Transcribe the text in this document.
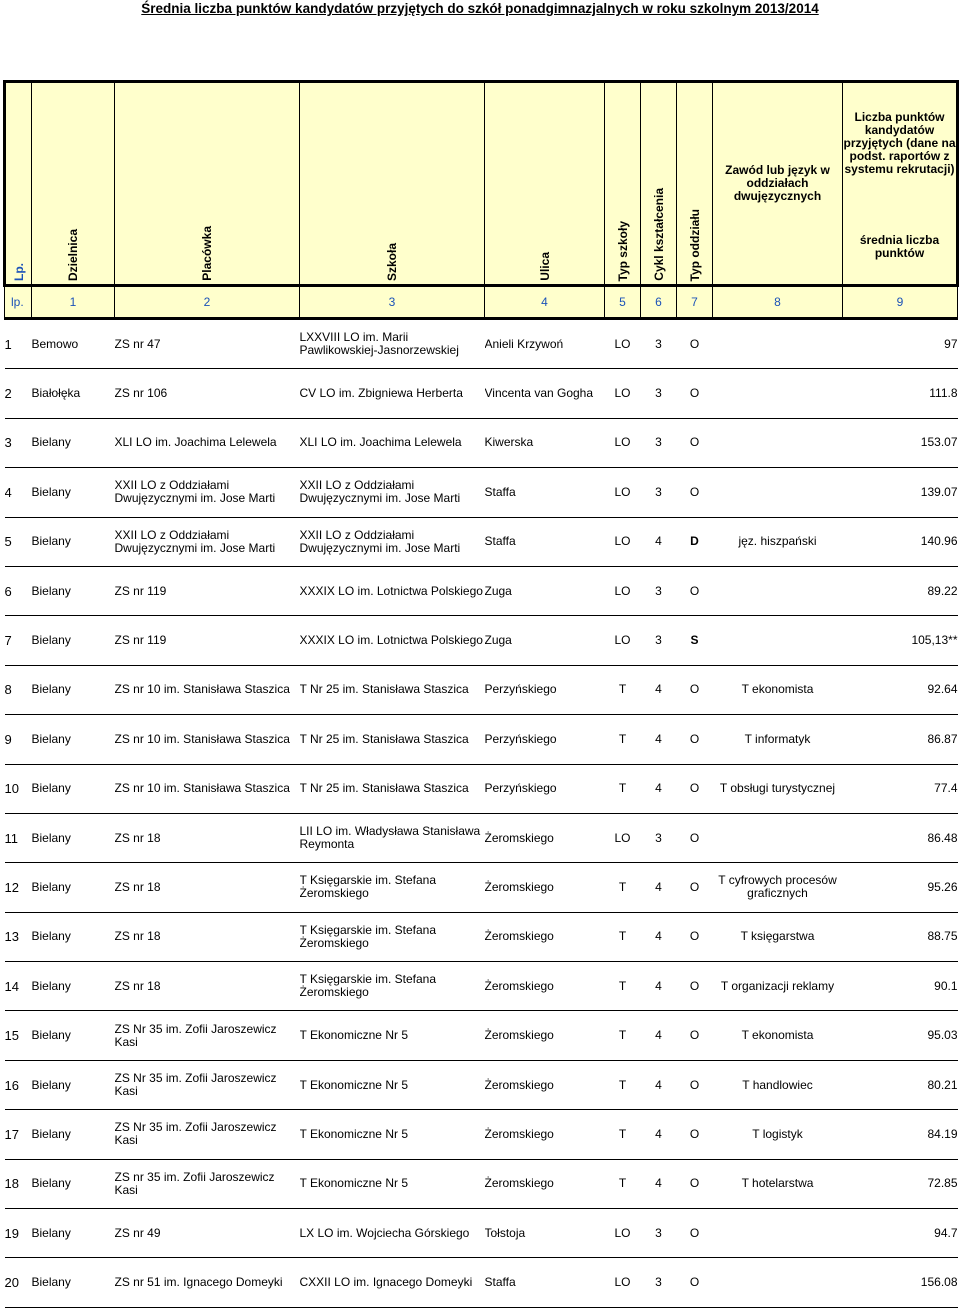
Średnia liczba punktów kandydatów przyjętych do szkół ponadgimnazjalnych w roku szkolnym 2013/2014
Lp.	Dzielnica	Placówka	Szkoła	Ulica	Typ szkoły	Cykl kształcenia	Typ oddziału	Zawód lub język w oddziałach dwujęzycznych	Liczba punktów kandydatów przyjętych (dane na podst. raportów z systemu rekrutacji)
średnia liczba punktów

lp.	1	2	3	4	5	6	7	8	9
1	Bemowo	ZS nr 47	LXXVIII LO im. Marii Pawlikowskiej-Jasnorzewskiej	Anieli Krzywoń	LO	3	O		97
2	Białołęka	ZS nr 106	CV LO im. Zbigniewa Herberta	Vincenta van Gogha	LO	3	O		111.8
3	Bielany	XLI LO im. Joachima Lelewela	XLI LO im. Joachima Lelewela	Kiwerska	LO	3	O		153.07
4	Bielany	XXII LO z Oddziałami Dwujęzycznymi im. Jose Marti	XXII LO z Oddziałami Dwujęzycznymi im. Jose Marti	Staffa	LO	3	O		139.07
5	Bielany	XXII LO z Oddziałami Dwujęzycznymi im. Jose Marti	XXII LO z Oddziałami Dwujęzycznymi im. Jose Marti	Staffa	LO	4	D	jęz. hiszpański	140.96
6	Bielany	ZS nr 119	XXXIX LO im. Lotnictwa Polskiego	Zuga	LO	3	O		89.22
7	Bielany	ZS nr 119	XXXIX LO im. Lotnictwa Polskiego	Zuga	LO	3	S		105,13**
8	Bielany	ZS nr 10 im. Stanisława Staszica	T Nr 25 im. Stanisława Staszica	Perzyńskiego	T	4	O	T ekonomista	92.64
9	Bielany	ZS nr 10 im. Stanisława Staszica	T Nr 25 im. Stanisława Staszica	Perzyńskiego	T	4	O	T informatyk	86.87
10	Bielany	ZS nr 10 im. Stanisława Staszica	T Nr 25 im. Stanisława Staszica	Perzyńskiego	T	4	O	T obsługi turystycznej	77.4
11	Bielany	ZS nr 18	LII LO im. Władysława Stanisława Reymonta	Żeromskiego	LO	3	O		86.48
12	Bielany	ZS nr 18	T Księgarskie im. Stefana Żeromskiego	Żeromskiego	T	4	O	T cyfrowych procesów graficznych	95.26
13	Bielany	ZS nr 18	T Księgarskie im. Stefana Żeromskiego	Żeromskiego	T	4	O	T księgarstwa	88.75
14	Bielany	ZS nr 18	T Księgarskie im. Stefana Żeromskiego	Żeromskiego	T	4	O	T organizacji reklamy	90.1
15	Bielany	ZS Nr 35 im. Zofii Jaroszewicz Kasi	T Ekonomiczne Nr 5	Żeromskiego	T	4	O	T ekonomista	95.03
16	Bielany	ZS Nr 35 im. Zofii Jaroszewicz Kasi	T Ekonomiczne Nr 5	Żeromskiego	T	4	O	T handlowiec	80.21
17	Bielany	ZS Nr 35 im. Zofii Jaroszewicz Kasi	T Ekonomiczne Nr 5	Żeromskiego	T	4	O	T logistyk	84.19
18	Bielany	ZS nr 35 im. Zofii Jaroszewicz Kasi	T Ekonomiczne Nr 5	Żeromskiego	T	4	O	T hotelarstwa	72.85
19	Bielany	ZS nr 49	LX LO im. Wojciecha Górskiego	Tołstoja	LO	3	O		94.7
20	Bielany	ZS nr 51 im. Ignacego Domeyki	CXXII LO im. Ignacego Domeyki	Staffa	LO	3	O		156.08
